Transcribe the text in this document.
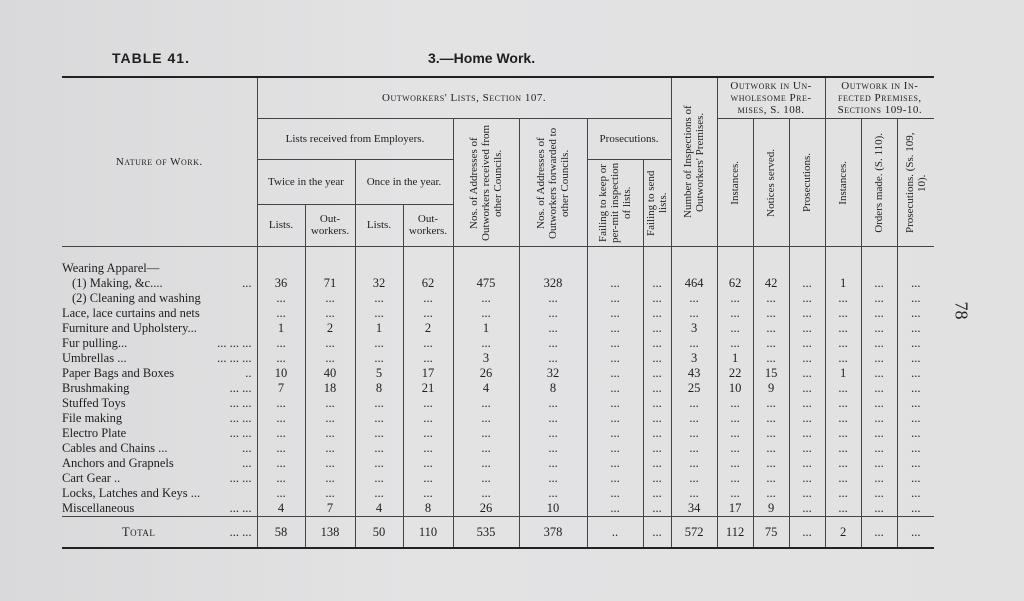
TABLE 41.	3.—Home Work.
78
Nature of Work.	Outworkers' Lists, Section 107.								Number of Inspections of Outworkers' Premises.	Outwork in Un-wholesome Pre-mises, S. 108.			Outwork in In-fected Premises, Sections 109-10.		
	Lists received from Employers.				Nos. of Addresses of Outworkers received from other Councils.	Nos. of Addresses of Outworkers forwarded to other Councils.	Prosecutions.			Instances.	Notices served.	Prosecutions.	Instances.	Orders made. (S. 110).	Prosecutions. (Ss. 109, 10).

	Twice in the year		Once in the year.				Failing to keep or per-mit inspection of lists.	Failing to send lists.							

	Lists.	Out-workers.	Lists.	Out-workers.											

Wearing Apparel—															
(1) Making, &c.... ...	36	71	32	62	475	328	...	...	464	62	42	...	1	...	...
(2) Cleaning and washing	...	...	...	...	...	...	...	...	...	...	...	...	...	...	...
Lace, lace curtains and nets	...	...	...	...	...	...	...	...	...	...	...	...	...	...	...
Furniture and Upholstery...	1	2	1	2	1	...	...	...	3	...	...	...	...	...	...
Fur pulling... ... ... ...	...	...	...	...	...	...	...	...	...	...	...	...	...	...	...
Umbrellas ... ... ... ...	...	...	...	...	3	...	...	...	3	1	...	...	...	...	...
Paper Bags and Boxes ..	10	40	5	17	26	32	...	...	43	22	15	...	1	...	...
Brushmaking ... ...	7	18	8	21	4	8	...	...	25	10	9	...	...	...	...
Stuffed Toys ... ...	...	...	...	...	...	...	...	...	...	...	...	...	...	...	...
File making ... ...	...	...	...	...	...	...	...	...	...	...	...	...	...	...	...
Electro Plate ... ...	...	...	...	...	...	...	...	...	...	...	...	...	...	...	...
Cables and Chains ... ...	...	...	...	...	...	...	...	...	...	...	...	...	...	...	...
Anchors and Grapnels ...	...	...	...	...	...	...	...	...	...	...	...	...	...	...	...
Cart Gear .. ... ...	...	...	...	...	...	...	...	...	...	...	...	...	...	...	...
Locks, Latches and Keys ...	...	...	...	...	...	...	...	...	...	...	...	...	...	...	...
Miscellaneous ... ...	4	7	4	8	26	10	...	...	34	17	9	...	...	...	...
Total ... ...	58	138	50	110	535	378	..	...	572	112	75	...	2	...	...
